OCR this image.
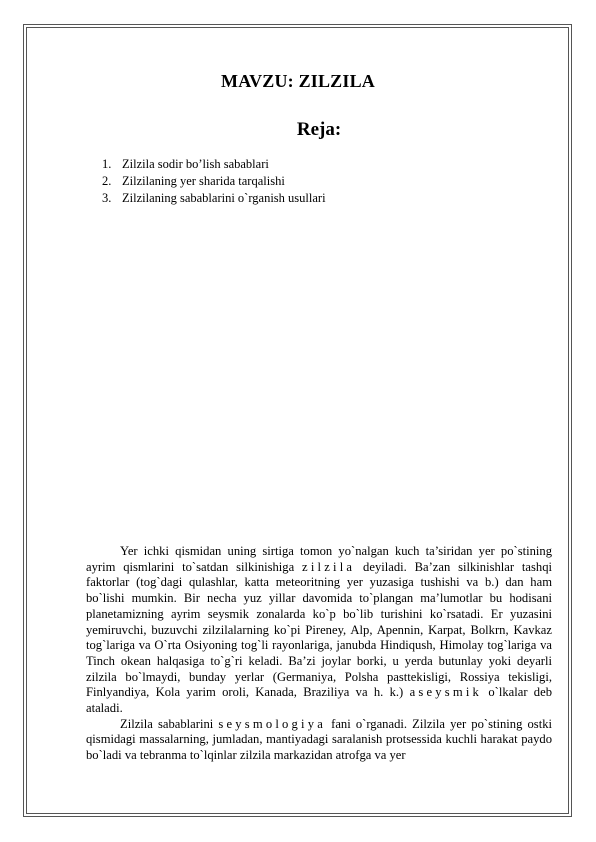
MAVZU: ZILZILA
Reja:
1. Zilzila sodir bo’lish sabablari
2. Zilzilaning yer sharida tarqalishi
3. Zilzilaning sabablarini o`rganish usullari

Yer ichki qismidan uning sirtiga tomon yo`nalgan kuch ta’siridan yer po`stining ayrim qismlarini to`satdan silkinishiga zilzila deyiladi. Ba’zan silkinishlar tashqi faktorlar (tog`dagi qulashlar, katta meteoritning yer yuzasiga tushishi va b.) dan ham bo`lishi mumkin. Bir necha yuz yillar davomida to`plangan ma’lumotlar bu hodisani planetamizning ayrim seysmik zonalarda ko`p bo`lib turishini ko`rsatadi. Er yuzasini yemiruvchi, buzuvchi zilzilalarning ko`pi Pireney, Alp, Apennin, Karpat, Bolkrn, Kavkaz tog`lariga va O`rta Osiyoning tog`li rayonlariga, janubda Hindiqush, Himolay tog`lariga va Tinch okean halqasiga to`g`ri keladi. Ba’zi joylar borki, u yerda butunlay yoki deyarli zilzila bo`lmaydi, bunday yerlar (Germaniya, Polsha pasttekisligi, Rossiya tekisligi, Finlyandiya, Kola yarim oroli, Kanada, Braziliya va h. k.) aseysmik o`lkalar deb ataladi.

Zilzila sabablarini seysmologiya fani o`rganadi. Zilzila yer po`stining ostki qismidagi massalarning, jumladan, mantiyadagi saralanish protsessida kuchli harakat paydo bo`ladi va tebranma to`lqinlar zilzila markazidan atrofga va yer
